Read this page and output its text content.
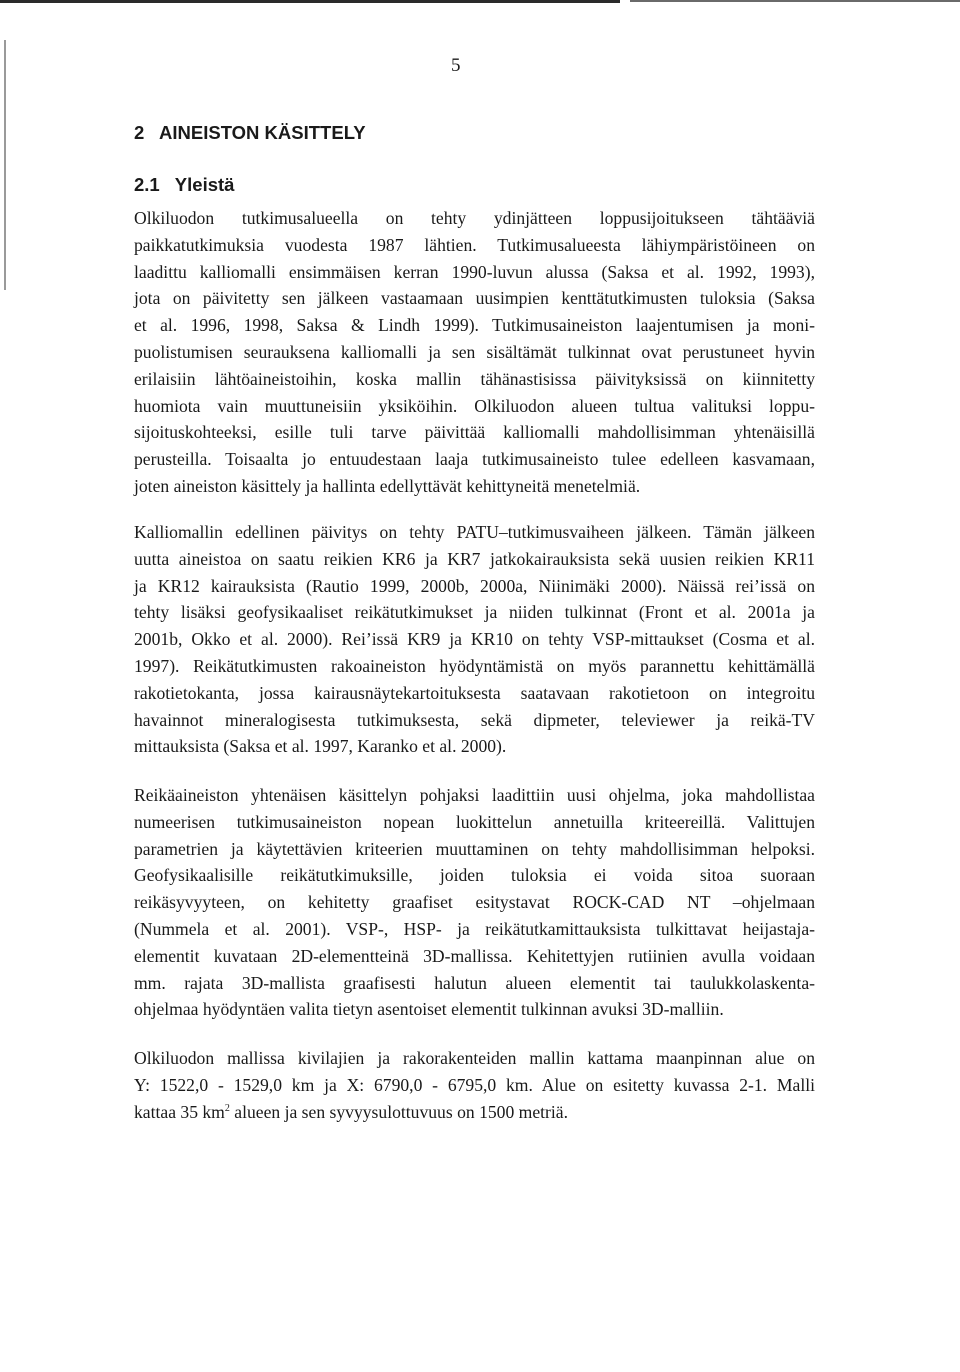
5
2   AINEISTON KÄSITTELY
2.1   Yleistä
Olkiluodon tutkimusalueella on tehty ydinjätteen loppusijoitukseen tähtääviä
paikkatutkimuksia vuodesta 1987 lähtien. Tutkimusalueesta lähiympäristöineen on
laadittu kalliomalli ensimmäisen kerran 1990-luvun alussa (Saksa et al. 1992, 1993),
jota on päivitetty sen jälkeen vastaamaan uusimpien kenttätutkimusten tuloksia (Saksa
et al. 1996, 1998, Saksa & Lindh 1999). Tutkimusaineiston laajentumisen ja moni-
puolistumisen seurauksena kalliomalli ja sen sisältämät tulkinnat ovat perustuneet hyvin
erilaisiin lähtöaineistoihin, koska mallin tähänastisissa päivityksissä on kiinnitetty
huomiota vain muuttuneisiin yksiköihin. Olkiluodon alueen tultua valituksi loppu-
sijoituskohteeksi, esille tuli tarve päivittää kalliomalli mahdollisimman yhtenäisillä
perusteilla. Toisaalta jo entuudestaan laaja tutkimusaineisto tulee edelleen kasvamaan,
joten aineiston käsittely ja hallinta edellyttävät kehittyneitä menetelmiä.
Kalliomallin edellinen päivitys on tehty PATU–tutkimusvaiheen jälkeen. Tämän jälkeen
uutta aineistoa on saatu reikien KR6 ja KR7 jatkokairauksista sekä uusien reikien KR11
ja KR12 kairauksista (Rautio 1999, 2000b, 2000a, Niinimäki 2000). Näissä rei’issä on
tehty lisäksi geofysikaaliset reikätutkimukset ja niiden tulkinnat (Front et al. 2001a ja
2001b, Okko et al. 2000). Rei’issä KR9 ja KR10 on tehty VSP-mittaukset (Cosma et al.
1997). Reikätutkimusten rakoaineiston hyödyntämistä on myös parannettu kehittämällä
rakotietokanta, jossa kairausnäytekartoituksesta saatavaan rakotietoon on integroitu
havainnot mineralogisesta tutkimuksesta, sekä dipmeter, televiewer ja reikä-TV
mittauksista (Saksa et al. 1997, Karanko et al. 2000).
Reikäaineiston yhtenäisen käsittelyn pohjaksi laadittiin uusi ohjelma, joka mahdollistaa
numeerisen tutkimusaineiston nopean luokittelun annetuilla kriteereillä. Valittujen
parametrien ja käytettävien kriteerien muuttaminen on tehty mahdollisimman helpoksi.
Geofysikaalisille reikätutkimuksille, joiden tuloksia ei voida sitoa suoraan
reikäsyvyyteen, on kehitetty graafiset esitystavat ROCK-CAD NT –ohjelmaan
(Nummela et al. 2001). VSP-, HSP- ja reikätutkamittauksista tulkittavat heijastaja-
elementit kuvataan 2D-elementteinä 3D-mallissa. Kehitettyjen rutiinien avulla voidaan
mm. rajata 3D-mallista graafisesti halutun alueen elementit tai taulukkolaskenta-
ohjelmaa hyödyntäen valita tietyn asentoiset elementit tulkinnan avuksi 3D-malliin.
Olkiluodon mallissa kivilajien ja rakorakenteiden mallin kattama maanpinnan alue on
Y: 1522,0 - 1529,0 km ja X: 6790,0 - 6795,0 km. Alue on esitetty kuvassa 2-1. Malli
kattaa 35 $km^2$ alueen ja sen syvyysulottuvuus on 1500 metriä.
